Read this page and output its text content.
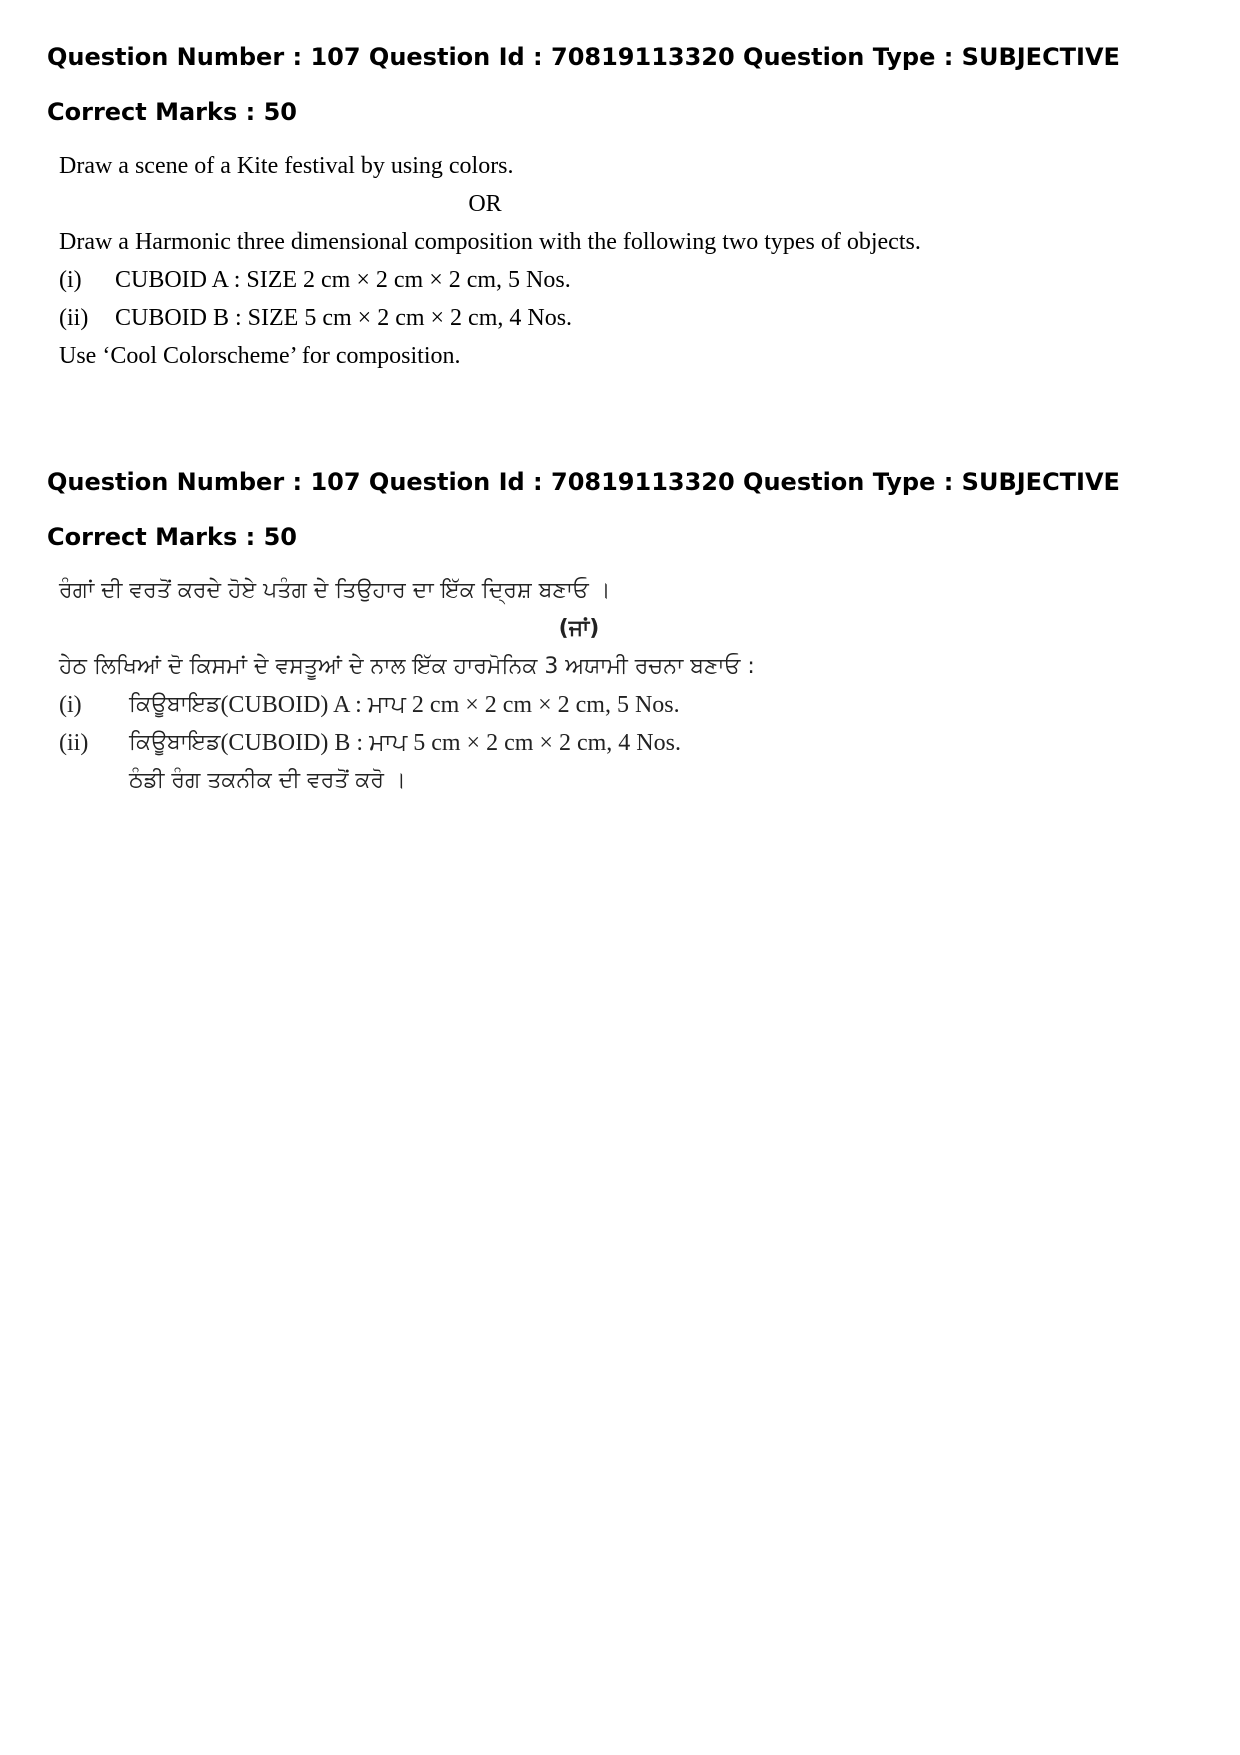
Question Number : 107 Question Id : 70819113320 Question Type : SUBJECTIVE

Correct Marks : 50

Draw a scene of a Kite festival by using colors.
OR
Draw a Harmonic three dimensional composition with the following two types of objects.
(i)	CUBOID A : SIZE 2 cm × 2 cm × 2 cm, 5 Nos.
(ii)	CUBOID B : SIZE 5 cm × 2 cm × 2 cm, 4 Nos.
Use ‘Cool Colorscheme’ for composition.

Question Number : 107 Question Id : 70819113320 Question Type : SUBJECTIVE

Correct Marks : 50

ਰੰਗਾਂ ਦੀ ਵਰਤੋਂ ਕਰਦੇ ਹੋਏ ਪਤੰਗ ਦੇ ਤਿਉਹਾਰ ਦਾ ਇੱਕ ਦ੍ਰਿਸ਼ ਬਣਾਓ ।
(ਜਾਂ)
ਹੇਠ ਲਿਖਿਆਂ ਦੋ ਕਿਸਮਾਂ ਦੇ ਵਸਤੂਆਂ ਦੇ ਨਾਲ ਇੱਕ ਹਾਰਮੋਨਿਕ 3 ਅਯਾਮੀ ਰਚਨਾ ਬਣਾਓ :
(i)	ਕਿਊਬਾਇਡ (CUBOID) A : ਮਾਪ 2 cm × 2 cm × 2 cm, 5 Nos.
(ii)	ਕਿਊਬਾਇਡ (CUBOID) B : ਮਾਪ 5 cm × 2 cm × 2 cm, 4 Nos.
ਠੰਡੀ ਰੰਗ ਤਕਨੀਕ ਦੀ ਵਰਤੋਂ ਕਰੋ ।
